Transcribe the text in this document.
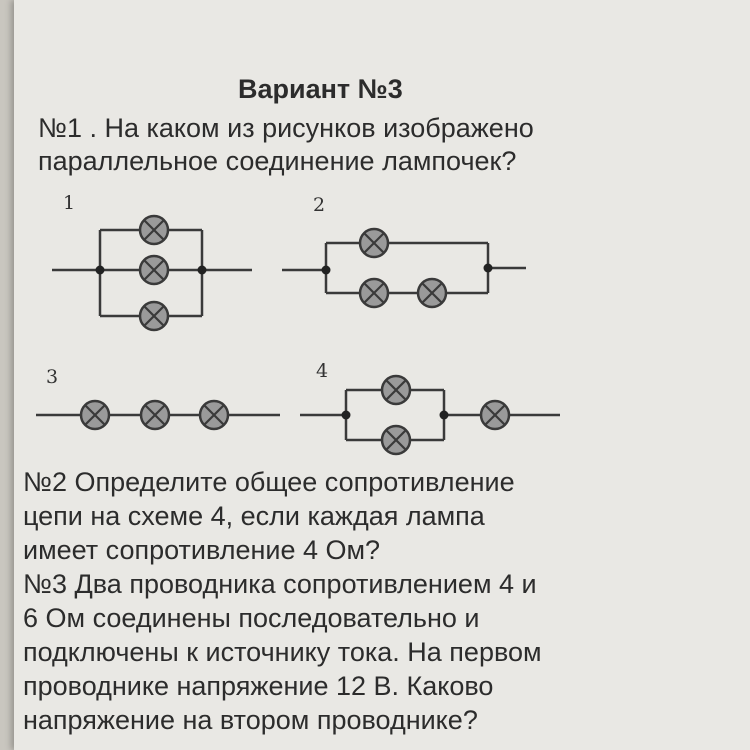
Вариант №3
№1 . На каком из рисунков изображено
параллельное соединение лампочек?
1	2
3	4
№2 Определите общее сопротивление
цепи на схеме 4, если каждая лампа
имеет сопротивление 4 Ом?
№3 Два проводника сопротивлением 4 и
6 Ом соединены последовательно и
подключены к источнику тока. На первом
проводнике напряжение 12 В. Каково
напряжение на втором проводнике?
